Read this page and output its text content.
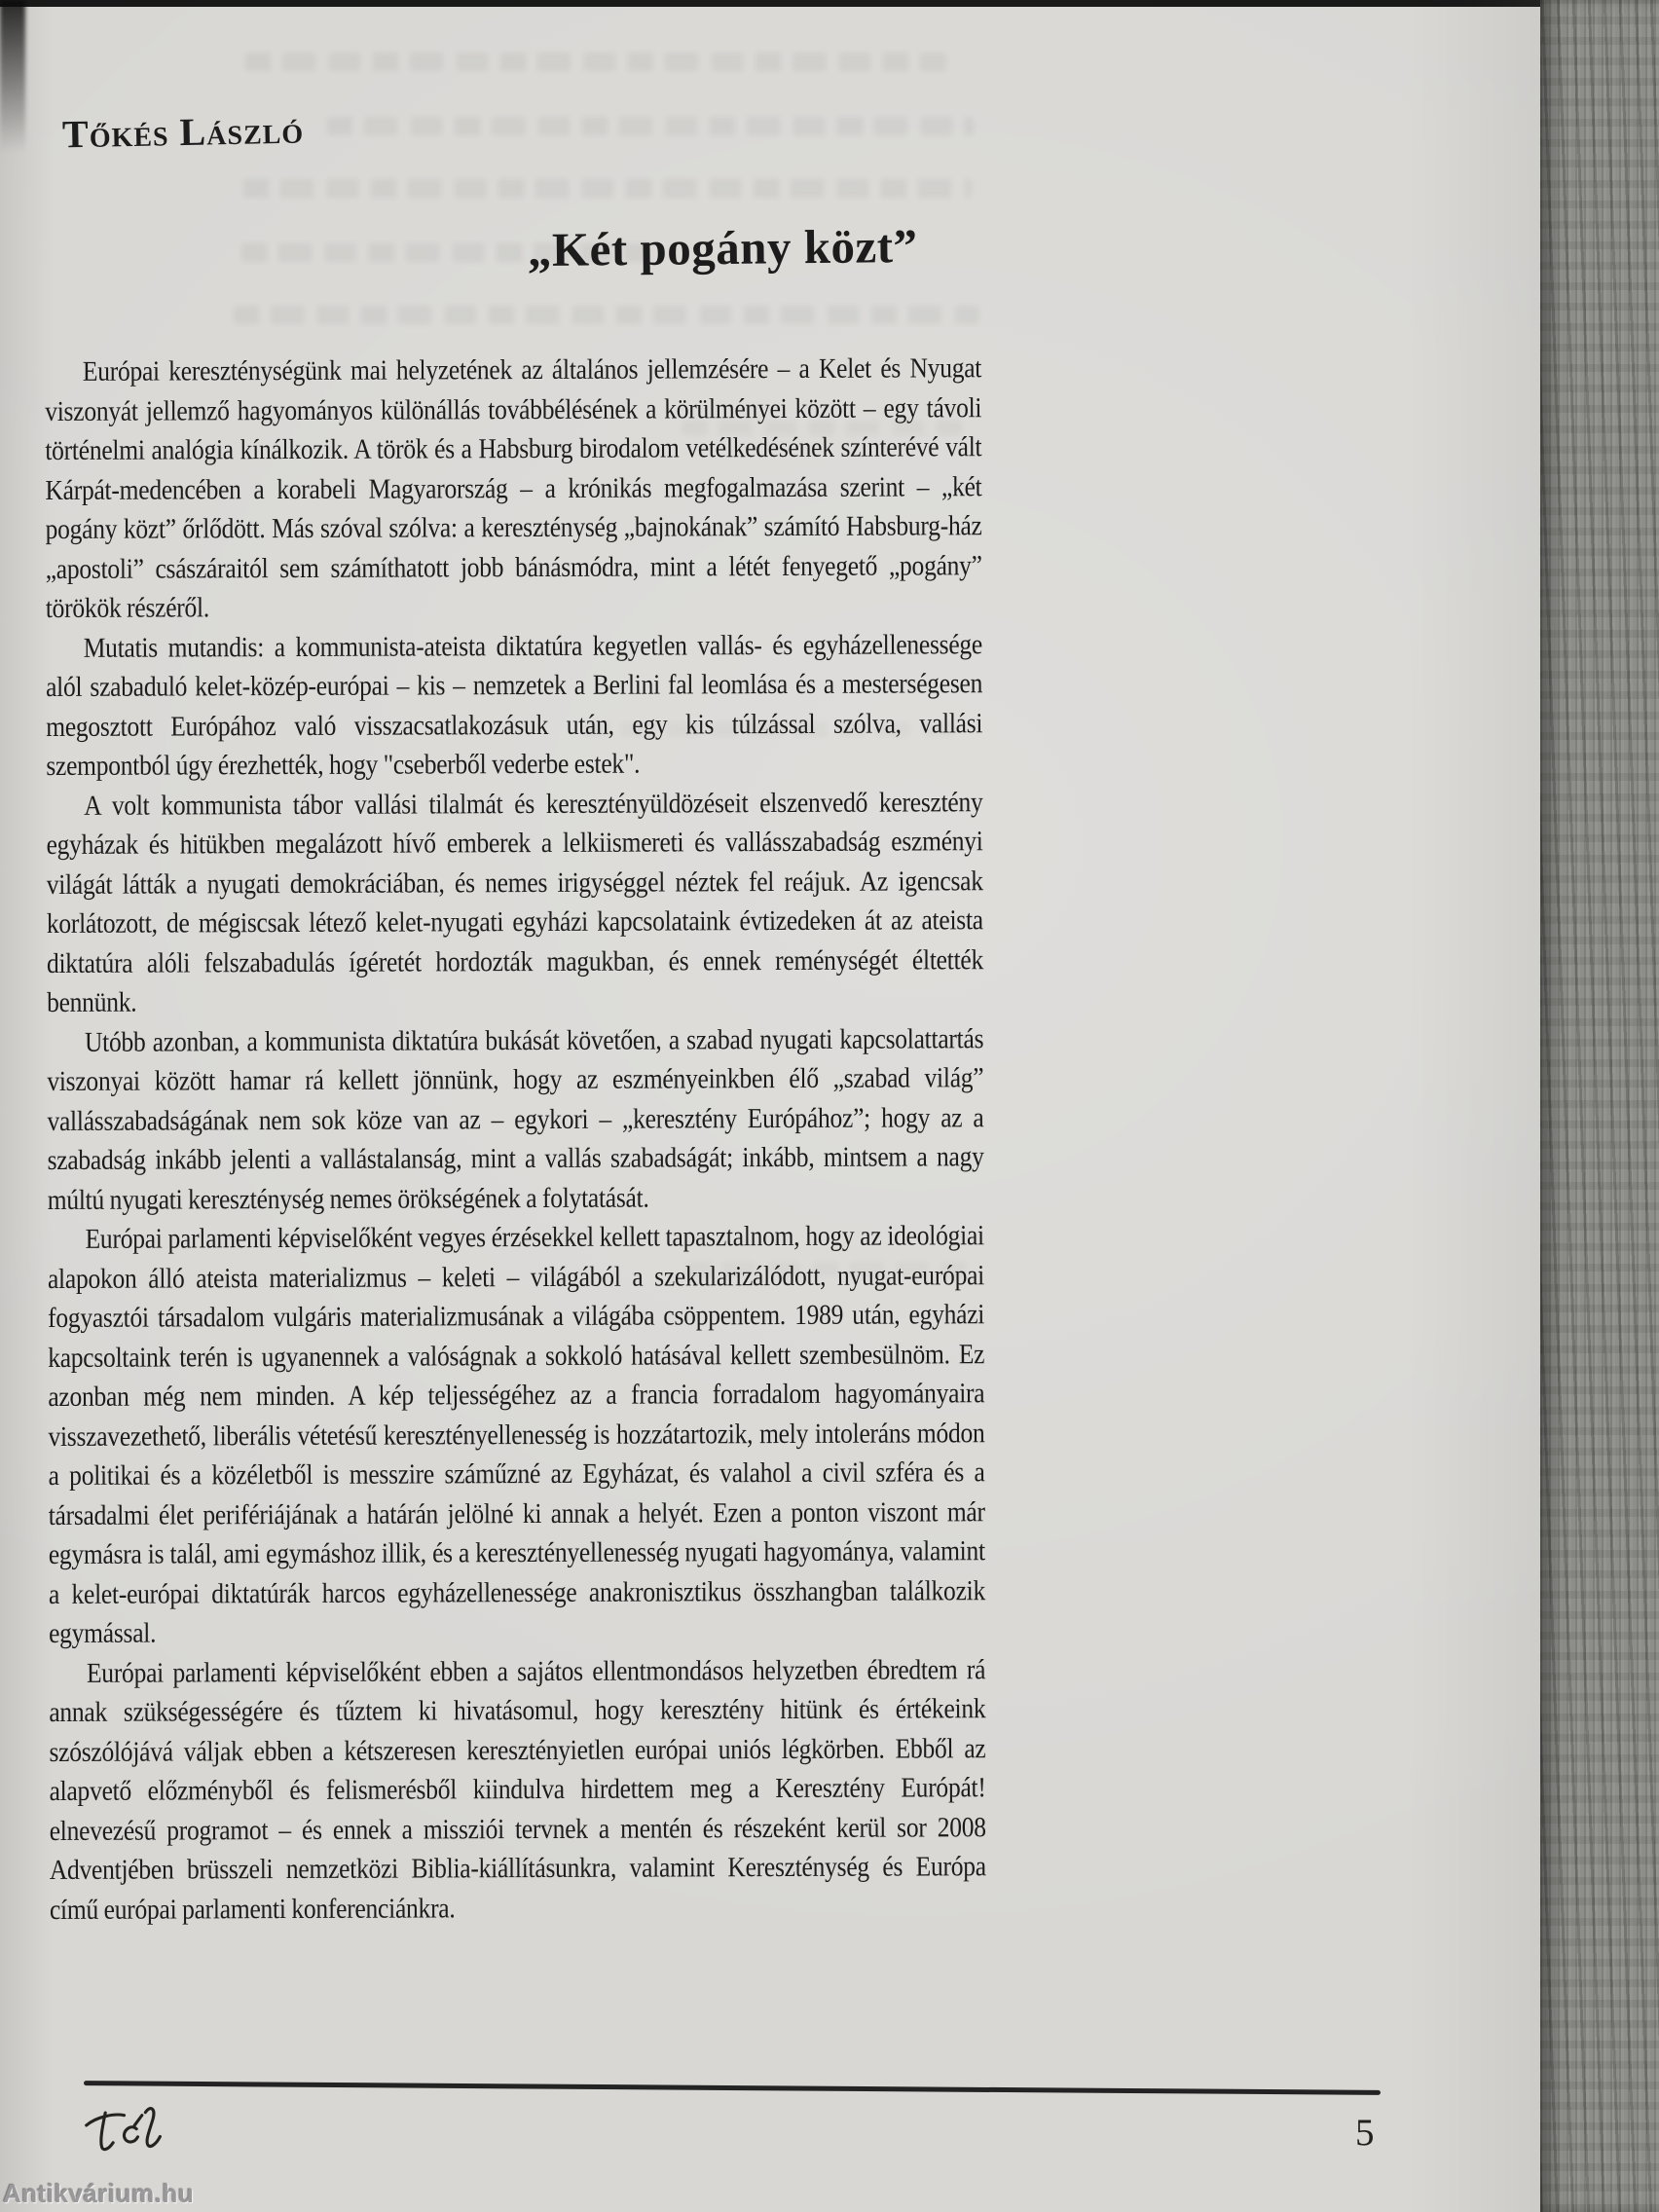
Tőkés László
„Két pogány közt”

Európai kereszténységünk mai helyzetének az általános jellemzésére – a Kelet és Nyugat viszonyát jellemző hagyományos különállás továbbélésének a körülményei között – egy távoli történelmi analógia kínálkozik. A török és a Habsburg birodalom vetélkedésének színterévé vált Kárpát-medencében a korabeli Magyarország – a krónikás megfogalmazása szerint – „két pogány közt” őrlődött. Más szóval szólva: a kereszténység „bajnokának” számító Habsburg-ház „apostoli” császáraitól sem számíthatott jobb bánásmódra, mint a létét fenyegető „pogány” törökök részéről.

Mutatis mutandis: a kommunista-ateista diktatúra kegyetlen vallás- és egyházellenessége alól szabaduló kelet-közép-európai – kis – nemzetek a Berlini fal leomlása és a mesterségesen megosztott Európához való visszacsatlakozásuk után, egy kis túlzással szólva, vallási szempontból úgy érezhették, hogy "cseberből vederbe estek".

A volt kommunista tábor vallási tilalmát és keresztényüldözéseit elszenvedő keresztény egyházak és hitükben megalázott hívő emberek a lelkiismereti és vallásszabadság eszményi világát látták a nyugati demokráciában, és nemes irigységgel néztek fel reájuk. Az igencsak korlátozott, de mégiscsak létező kelet-nyugati egyházi kapcsolataink évtizedeken át az ateista diktatúra alóli felszabadulás ígéretét hordozták magukban, és ennek reménységét éltették bennünk.

Utóbb azonban, a kommunista diktatúra bukását követően, a szabad nyugati kapcsolattartás viszonyai között hamar rá kellett jönnünk, hogy az eszményeinkben élő „szabad világ” vallásszabadságának nem sok köze van az – egykori – „keresztény Európához”; hogy az a szabadság inkább jelenti a vallástalanság, mint a vallás szabadságát; inkább, mintsem a nagy múltú nyugati kereszténység nemes örökségének a folytatását.

Európai parlamenti képviselőként vegyes érzésekkel kellett tapasztalnom, hogy az ideológiai alapokon álló ateista materializmus – keleti – világából a szekularizálódott, nyugat-európai fogyasztói társadalom vulgáris materializmusának a világába csöppentem. 1989 után, egyházi kapcsoltaink terén is ugyanennek a valóságnak a sokkoló hatásával kellett szembesülnöm. Ez azonban még nem minden. A kép teljességéhez az a francia forradalom hagyományaira visszavezethető, liberális vétetésű keresztényellenesség is hozzátartozik, mely intoleráns módon a politikai és a közéletből is messzire száműzné az Egyházat, és valahol a civil szféra és a társadalmi élet perifériájának a határán jelölné ki annak a helyét. Ezen a ponton viszont már egymásra is talál, ami egymáshoz illik, és a keresztényellenesség nyugati hagyománya, valamint a kelet-európai diktatúrák harcos egyházellenessége anakronisztikus összhangban találkozik egymással.

Európai parlamenti képviselőként ebben a sajátos ellentmondásos helyzetben ébredtem rá annak szükségességére és tűztem ki hivatásomul, hogy keresztény hitünk és értékeink szószólójává váljak ebben a kétszeresen keresztényietlen európai uniós légkörben. Ebből az alapvető előzményből és felismerésből kiindulva hirdettem meg a Keresztény Európát! elnevezésű programot – és ennek a missziói tervnek a mentén és részeként kerül sor 2008 Adventjében brüsszeli nemzetközi Biblia-kiállításunkra, valamint Kereszténység és Európa című európai parlamenti konferenciánkra.

5
Antikvárium.hu
